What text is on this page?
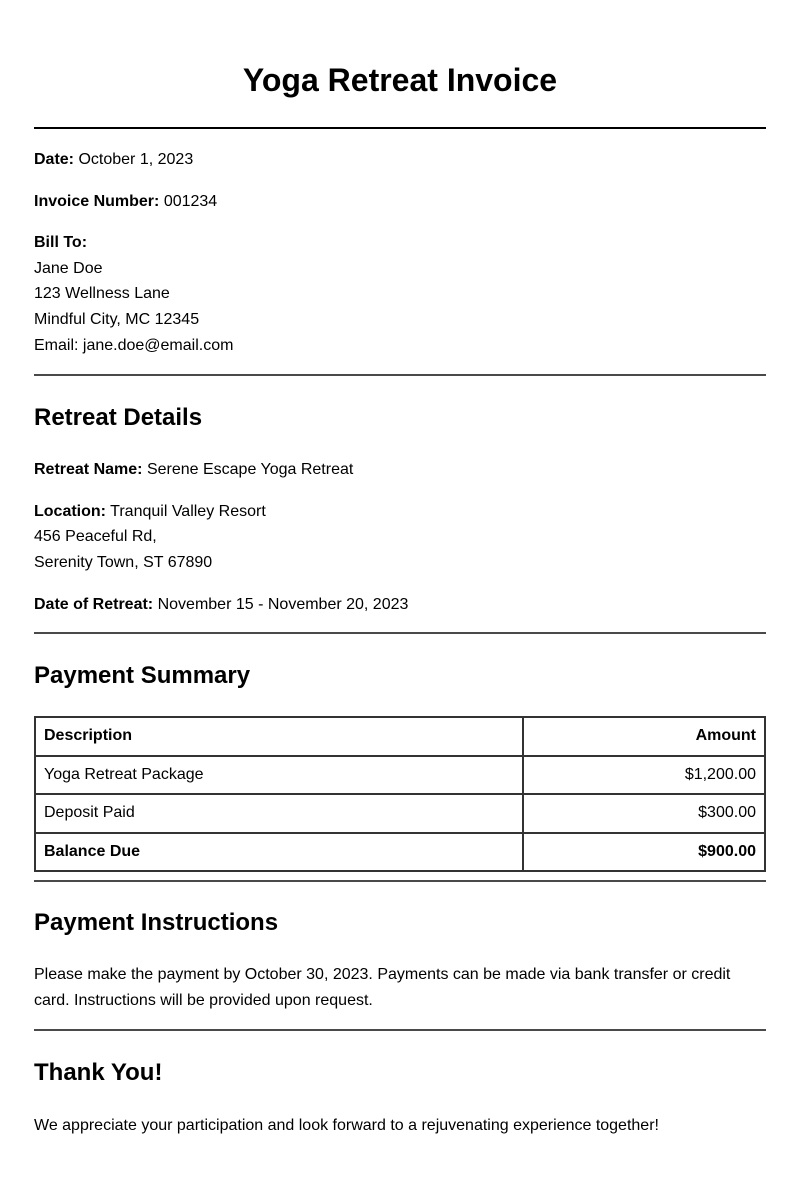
Yoga Retreat Invoice

Date: October 1, 2023

Invoice Number: 001234

Bill To:

Jane Doe

123 Wellness Lane

Mindful City, MC 12345

Email: jane.doe@email.com

Retreat Details

Retreat Name: Serene Escape Yoga Retreat

Location: Tranquil Valley Resort

456 Peaceful Rd,

Serenity Town, ST 67890

Date of Retreat: November 15 - November 20, 2023

Payment Summary
Description	Amount
Yoga Retreat Package	$1,200.00
Deposit Paid	$300.00
Balance Due	$900.00
Payment Instructions

Please make the payment by October 30, 2023. Payments can be made via bank transfer or credit card. Instructions will be provided upon request.

Thank You!

We appreciate your participation and look forward to a rejuvenating experience together!
